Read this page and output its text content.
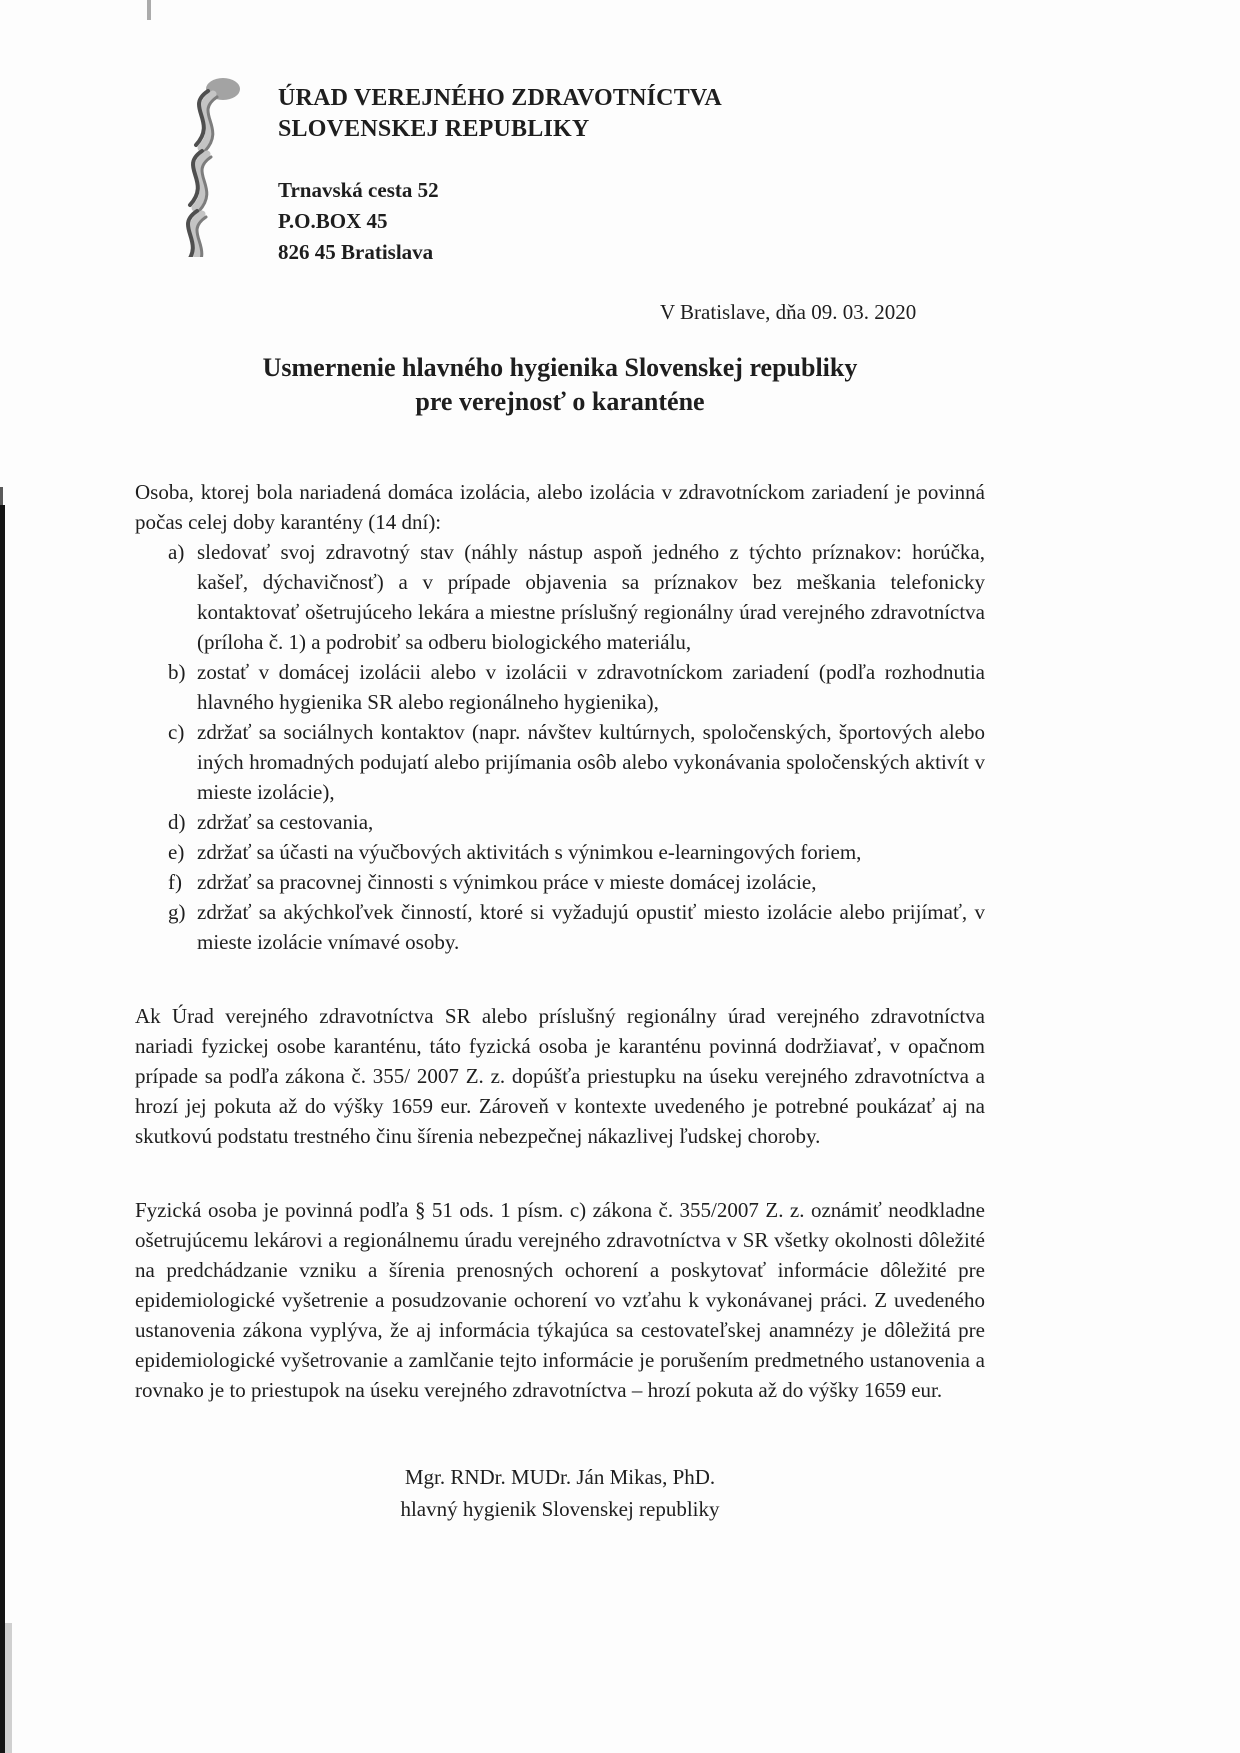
ÚRAD VEREJNÉHO ZDRAVOTNÍCTVA
SLOVENSKEJ REPUBLIKY
Trnavská cesta 52
P.O.BOX 45
826 45 Bratislava
V Bratislave, dňa 09. 03. 2020
Usmernenie hlavného hygienika Slovenskej republiky
pre verejnosť o karanténe

Osoba, ktorej bola nariadená domáca izolácia, alebo izolácia v zdravotníckom zariadení je povinná počas celej doby karantény (14 dní):

a) sledovať svoj zdravotný stav (náhly nástup aspoň jedného z týchto príznakov: horúčka, kašeľ, dýchavičnosť) a v prípade objavenia sa príznakov bez meškania telefonicky kontaktovať ošetrujúceho lekára a miestne príslušný regionálny úrad verejného zdravotníctva (príloha č. 1) a podrobiť sa odberu biologického materiálu,
b) zostať v domácej izolácii alebo v izolácii v zdravotníckom zariadení (podľa rozhodnutia hlavného hygienika SR alebo regionálneho hygienika),
c) zdržať sa sociálnych kontaktov (napr. návštev kultúrnych, spoločenských, športových alebo iných hromadných podujatí alebo prijímania osôb alebo vykonávania spoločenských aktivít v mieste izolácie),
d) zdržať sa cestovania,
e) zdržať sa účasti na výučbových aktivitách s výnimkou e-learningových foriem,
f) zdržať sa pracovnej činnosti s výnimkou práce v mieste domácej izolácie,
g) zdržať sa akýchkoľvek činností, ktoré si vyžadujú opustiť miesto izolácie alebo prijímať, v mieste izolácie vnímavé osoby.

Ak Úrad verejného zdravotníctva SR alebo príslušný regionálny úrad verejného zdravotníctva nariadi fyzickej osobe karanténu, táto fyzická osoba je karanténu povinná dodržiavať, v opačnom prípade sa podľa zákona č. 355/ 2007 Z. z. dopúšťa priestupku na úseku verejného zdravotníctva a hrozí jej pokuta až do výšky 1659 eur. Zároveň v kontexte uvedeného je potrebné poukázať aj na skutkovú podstatu trestného činu šírenia nebezpečnej nákazlivej ľudskej choroby.

Fyzická osoba je povinná podľa § 51 ods. 1 písm. c) zákona č. 355/2007 Z. z. oznámiť neodkladne ošetrujúcemu lekárovi a regionálnemu úradu verejného zdravotníctva v SR všetky okolnosti dôležité na predchádzanie vzniku a šírenia prenosných ochorení a poskytovať informácie dôležité pre epidemiologické vyšetrenie a posudzovanie ochorení vo vzťahu k vykonávanej práci. Z uvedeného ustanovenia zákona vyplýva, že aj informácia týkajúca sa cestovateľskej anamnézy je dôležitá pre epidemiologické vyšetrovanie a zamlčanie tejto informácie je porušením predmetného ustanovenia a rovnako je to priestupok na úseku verejného zdravotníctva – hrozí pokuta až do výšky 1659 eur.

Mgr. RNDr. MUDr. Ján Mikas, PhD.
hlavný hygienik Slovenskej republiky
